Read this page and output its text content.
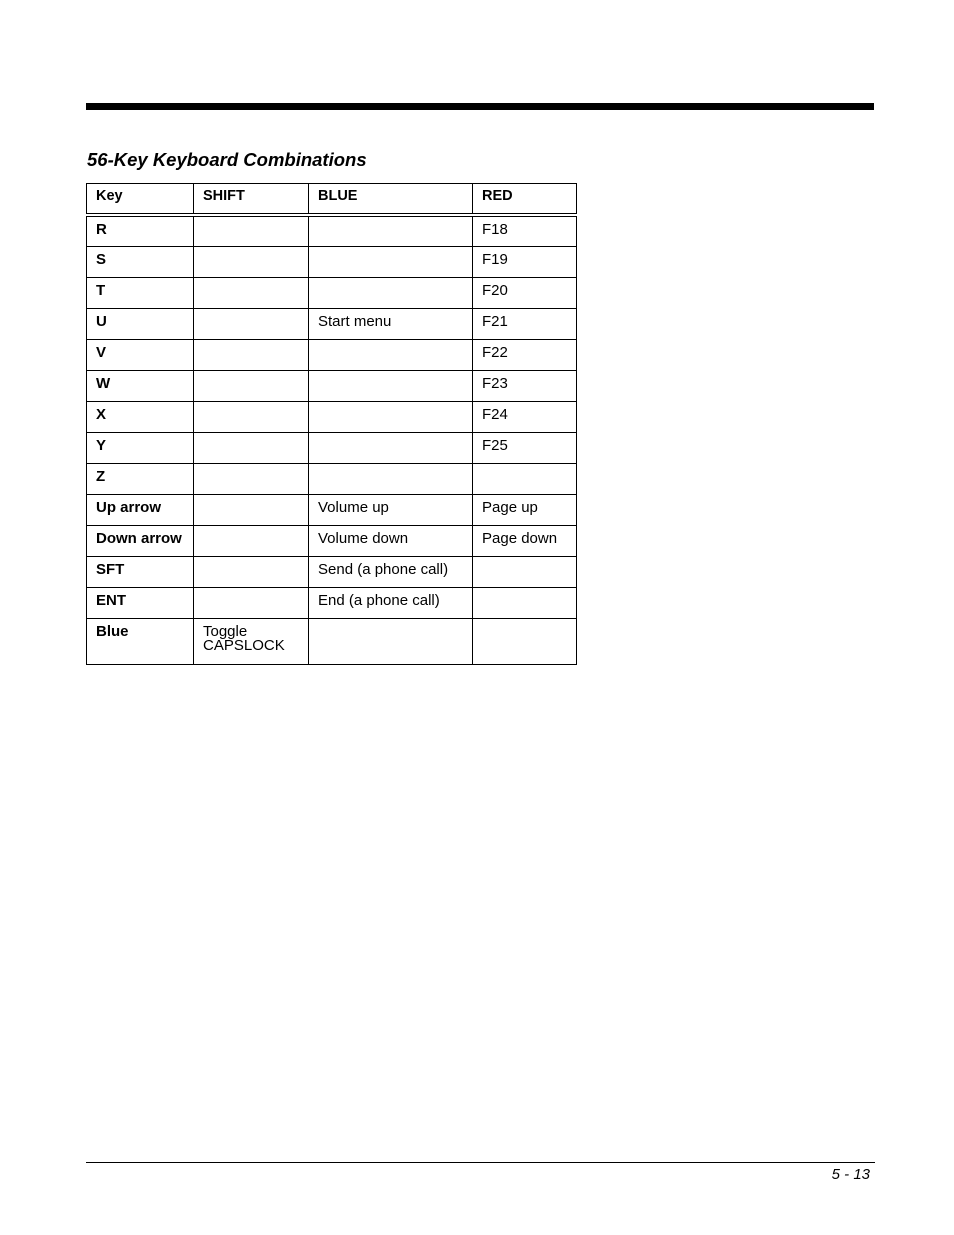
56-Key Keyboard Combinations
Key	SHIFT	BLUE	RED
R			F18
S			F19
T			F20
U		Start menu	F21
V			F22
W			F23
X			F24
Y			F25
Z			
Up arrow		Volume up	Page up
Down arrow		Volume down	Page down
SFT		Send (a phone call)	
ENT		End (a phone call)	
Blue	Toggle CAPSLOCK		
5 - 13
